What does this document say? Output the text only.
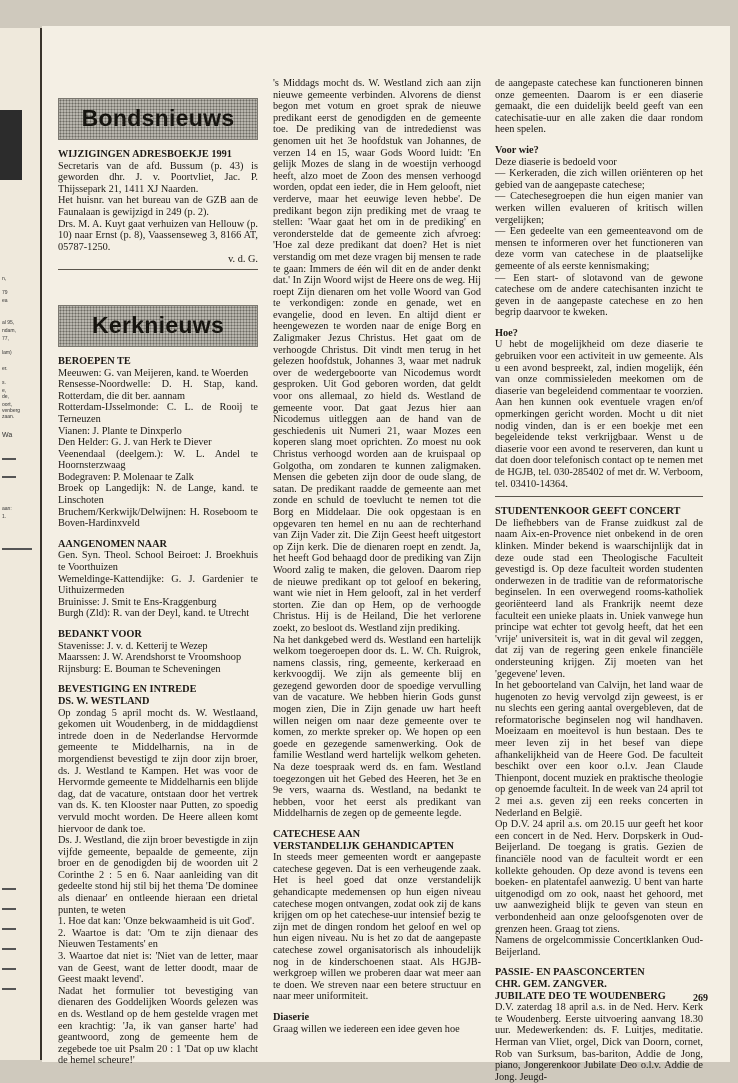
n,
79
ea
al 95,
ndam,
77,
lam)
er.
s.
e,
de,
oort,
venberg
zaan.
Wa
aan:
1.
Bondsnieuws

WIJZIGINGEN ADRESBOEKJE 1991

Secretaris van de afd. Bussum (p. 43) is geworden dhr. J. v. Poortvliet, Jac. P. Thijssepark 21, 1411 XJ Naarden.

Het huisnr. van het bureau van de GZB aan de Faunalaan is gewijzigd in 249 (p. 2).

Drs. M. A. Kuyt gaat verhuizen van Hellouw (p. 10) naar Ernst (p. 8), Vaassenseweg 3, 8166 AT, 05787-1250.

v. d. G.

Kerknieuws

BEROEPEN TE

Meeuwen: G. van Meijeren, kand. te Woerden

Rensesse-Noordwelle: D. H. Stap, kand. Rotterdam, die dit ber. aannam

Rotterdam-IJsselmonde: C. L. de Rooij te Terneuzen

Vianen: J. Plante te Dinxperlo

Den Helder: G. J. van Herk te Diever

Veenendaal (deelgem.): W. L. Andel te Hoornsterzwaag

Bodegraven: P. Molenaar te Zalk

Broek op Langedijk: N. de Lange, kand. te Linschoten

Bruchem/Kerkwijk/Delwijnen: H. Roseboom te Boven-Hardinxveld

AANGENOMEN NAAR

Gen. Syn. Theol. School Beiroet: J. Broekhuis te Voorthuizen

Wemeldinge-Kattendijke: G. J. Gardenier te Uithuizermeden

Bruinisse: J. Smit te Ens-Kraggenburg

Burgh (Zld): R. van der Deyl, kand. te Utrecht

BEDANKT VOOR

Stavenisse: J. v. d. Ketterij te Wezep

Maarssen: J. W. Arendshorst te Vroomshoop

Rijnsburg: E. Bouman te Scheveningen

BEVESTIGING EN INTREDE

DS. W. WESTLAND

Op zondag 5 april mocht ds. W. Westlaand, gekomen uit Woudenberg, in de middagdienst intrede doen in de Nederlandse Hervormde gemeente te Middelharnis, na in de morgendienst bevestigd te zijn door zijn broer, ds. J. Westland te Kampen. Het was voor de Hervormde gemeente te Middelharnis een blijde dag, dat de vacature, ontstaan door het vertrek van ds. K. ten Klooster naar Putten, zo spoedig vervuld mocht worden. De Heere alleen komt hiervoor de dank toe.

Ds. J. Westland, die zijn broer bevestigde in zijn vijfde gemeente, bepaalde de gemeente, zijn broer en de genodigden bij de woorden uit 2 Corinthe 2 : 5 en 6. Naar aanleiding van dit gedeelte stond hij stil bij het thema 'De dominee als dienaar' en ontleende hieraan een drietal punten, te weten

1. Hoe dat kan: 'Onze bekwaamheid is uit God'.

2. Waartoe is dat: 'Om te zijn dienaar des Nieuwen Testaments' en

3. Waartoe dat niet is: 'Niet van de letter, maar van de Geest, want de letter doodt, maar de Geest maakt levend'.

Nadat het formulier tot bevestiging van dienaren des Goddelijken Woords gelezen was en ds. Westland op de hem gestelde vragen met een krachtig: 'Ja, ik van ganser harte' had geantwoord, zong de gemeente hem de zegebede toe uit Psalm 20 : 1 'Dat op uw klacht de hemel scheure!'

's Middags mocht ds. W. Westland zich aan zijn nieuwe gemeente verbinden. Alvorens de dienst begon met votum en groet sprak de nieuwe predikant eerst de genodigden en de gemeente toe. De prediking van de intrededienst was genomen uit het 3e hoofdstuk van Johannes, de verzen 14 en 15, waar Gods Woord luidt: 'En gelijk Mozes de slang in de woestijn verhoogd heeft, alzo moet de Zoon des mensen verhoogd worden, opdat een ieder, die in Hem gelooft, niet verderve, maar het eeuwige leven hebbe'. De predikant begon zijn prediking met de vraag te stellen: 'Waar gaat het om in de prediking' en veronderstelde dat de gemeente zich afvroeg: 'Hoe zal deze predikant dat doen? Het is niet verstandig om met deze vragen bij mensen te rade te gaan: Immers de één wil dit en de ander denkt dat.' In Zijn Woord wijst de Heere ons de weg. Hij roept Zijn dienaren om het volle Woord van God te verkondigen: zonde en genade, wet en evangelie, dood en leven. En altijd dient er heengewezen te worden naar de enige Borg en Zaligmaker Jezus Christus. Het gaat om de verhoogde Christus. Dit vindt men terug in het gelezen hoofdstuk, Johannes 3, waar met nadruk over de wedergeboorte van Nicodemus wordt gesproken. Uit God geboren worden, dat geldt voor ons allemaal, zo hield ds. Westland de gemeente voor. Dat gaat Jezus hier aan Nicodemus uitleggen aan de hand van de geschiedenis uit Numeri 21, waar Mozes een koperen slang moet oprichten. Zo moest nu ook Christus verhoogd worden aan de kruispaal op Golgotha, om zondaren te kunnen zaligmaken. Mensen die gebeten zijn door de oude slang, de satan. De predikant raadde de gemeente aan met zonde en schuld de toevlucht te nemen tot die Borg en Middelaar. Die ook opgestaan is en opgevaren ten hemel en nu aan de rechterhand van Zijn Vader zit. Die Zijn Geest heeft uitgestort op Zijn kerk. Die de dienaren roept en zendt. Ja, het heeft God behaagd door de prediking van Zijn Woord zalig te maken, die geloven. Daarom riep de nieuwe predikant op tot geloof en bekering, want wie niet in Hem gelooft, zal in het verderf storten. Zie dan op Hem, op de verhoogde Christus. Hij is de Heiland, Die het verlorene zoekt, zo besloot ds. Westland zijn prediking.

Na het dankgebed werd ds. Westland een hartelijk welkom toegeroepen door ds. L. W. Ch. Ruigrok, namens classis, ring, gemeente, kerkeraad en kerkvoogdij. We zijn als gemeente blij en gezegend geworden door de spoedige vervulling van de vacature. We hebben hierin Gods gunst mogen zien, Die in Zijn genade uw hart heeft willen neigen om naar deze gemeente over te komen, zo merkte spreker op. We hopen op een goede en gezegende samenwerking. Ook de familie Westland werd hartelijk welkom geheten. Na deze toespraak werd ds. en fam. Westland toegezongen uit het Gebed des Heeren, het 3e en 9e vers, waarna ds. Westland, na bedankt te hebben, voor het eerst als predikant van Middelharnis de zegen op de gemeente legde.

CATECHESE AAN

VERSTANDELIJK GEHANDICAPTEN

In steeds meer gemeenten wordt er aangepaste catechese gegeven. Dat is een verheugende zaak. Het is heel goed dat onze verstandelijk gehandicapte medemensen op hun eigen niveau catechese mogen ontvangen, zodat ook zij de kans krijgen om op het catechese-uur intensief bezig te zijn met de dingen rondom het geloof en wel op hun eigen niveau. Nu is het zo dat de aangepaste catechese zowel organisatorisch als inhoudelijk nog in de kinderschoenen staat. Als HGJB-werkgroep willen we proberen daar wat meer aan te doen. We streven naar een betere structuur en naar meer uniformiteit.

Diaserie

Graag willen we iedereen een idee geven hoe

de aangepaste catechese kan functioneren binnen onze gemeenten. Daarom is er een diaserie gemaakt, die een duidelijk beeld geeft van een catechisatie-uur en alle zaken die daar rondom heen spelen.

Voor wie?

Deze diaserie is bedoeld voor

— Kerkeraden, die zich willen oriënteren op het gebied van de aangepaste catechese;

— Catechesegroepen die hun eigen manier van werken willen evalueren of kritisch willen vergelijken;

— Een gedeelte van een gemeenteavond om de mensen te informeren over het functioneren van deze vorm van catechese in de plaatselijke gemeente of als eerste kennismaking;

— Een start- of slotavond van de gewone catechese om de andere catechisanten inzicht te geven in de aangepaste catechese en zo hen begrip daarvoor te kweken.

Hoe?

U hebt de mogelijkheid om deze diaserie te gebruiken voor een activiteit in uw gemeente. Als u een avond bespreekt, zal, indien mogelijk, één van onze commissieleden meekomen om de diaserie van begeleidend commentaar te voorzien. Aan hen kunnen ook eventuele vragen en/of opmerkingen gericht worden. Mocht u dit niet nodig vinden, dan is er een boekje met een begeleidende tekst verkrijgbaar. Wenst u de diaserie voor een avond te reserveren, dan kunt u dat doen door telefonisch contact op te nemen met de HGJB, tel. 030-285402 of met dr. W. Verboom, tel. 03410-14364.

STUDENTENKOOR GEEFT CONCERT

De liefhebbers van de Franse zuidkust zal de naam Aix-en-Provence niet onbekend in de oren klinken. Minder bekend is waarschijnlijk dat in deze oude stad een Theologische Faculteit gevestigd is. Op deze faculteit worden studenten onderwezen in de traditie van de reformatorische beginselen. In een overwegend rooms-katholiek georiënteerd land als Frankrijk neemt deze faculteit een unieke plaats in. Uniek vanwege hun principe wat echter tot gevolg heeft, dat het een 'vrije' universiteit is, wat in dit geval wil zeggen, dat zij van de regering geen enkele financiële ondersteuning krijgen. Zij moeten van het 'gegevene' leven.

In het geboorteland van Calvijn, het land waar de hugenoten zo hevig vervolgd zijn geweest, is er nu slechts een gering aantal overgebleven, dat de reformatorische beginselen nog wil handhaven. Moeizaam en moeitevol is hun bestaan. Des te meer leven zij in het besef van diepe afhankelijkheid van de Heere God. De faculteit beschikt over een koor o.l.v. Jean Claude Thienpont, docent muziek en praktische theologie op genoemde faculteit. In de week van 24 april tot 2 mei a.s. geven zij een reeks concerten in Nederland en België.

Op D.V. 24 april a.s. om 20.15 uur geeft het koor een concert in de Ned. Herv. Dorpskerk in Oud-Beijerland. De toegang is gratis. Gezien de financiële nood van de faculteit wordt er een kollekte gehouden. Op deze avond is tevens een boeken- en platentafel aanwezig. U bent van harte uitgenodigd om zo ook, naast het gehoord, met uw aanwezigheid blijk te geven van steun en verbondenheid aan onze geloofsgenoten over de grenzen heen. Graag tot ziens.

Namens de orgelcommissie Concertklanken Oud-Beijerland.

PASSIE- EN PAASCONCERTEN

CHR. GEM. ZANGVER.

JUBILATE DEO TE WOUDENBERG

D.V. zaterdag 18 april a.s. in de Ned. Herv. Kerk te Woudenberg. Eerste uitvoering aanvang 18.30 uur. Medewerkenden: ds. F. Luitjes, meditatie. Herman van Vliet, orgel, Dick van Doorn, cornet, Rob van Surksum, bas-bariton, Addie de Jong, piano, Jongerenkoor Jubilate Deo o.l.v. Addie de Jong. Jeugd-

269
